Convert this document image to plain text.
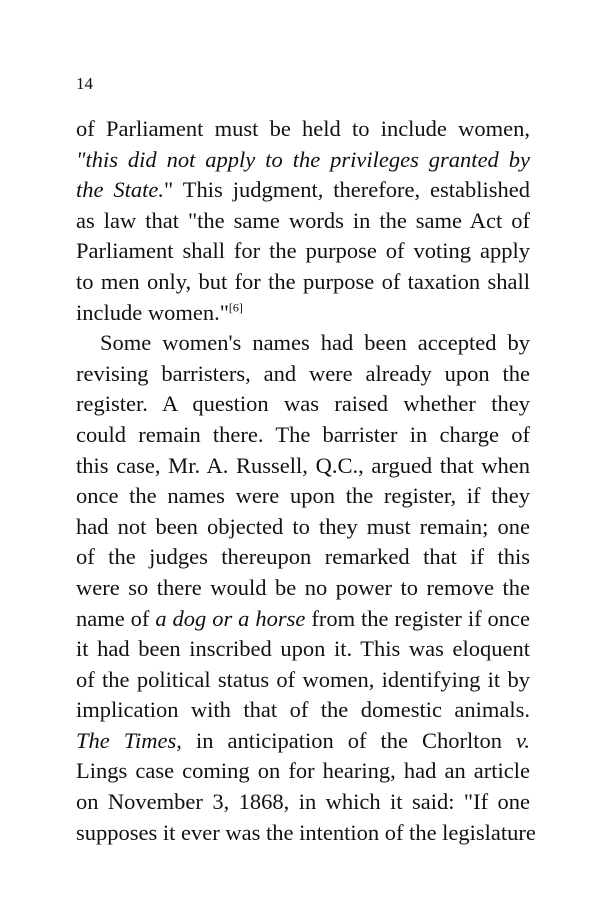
14
of Parliament must be held to include women,
"this did not apply to the privileges granted by
the State." This judgment, therefore, established
as law that "the same words in the same Act of
Parliament shall for the purpose of voting apply
to men only, but for the purpose of taxation shall
include women."[6]
Some women's names had been accepted by
revising barristers, and were already upon the
register. A question was raised whether they
could remain there. The barrister in charge of
this case, Mr. A. Russell, Q.C., argued that when
once the names were upon the register, if they
had not been objected to they must remain; one
of the judges thereupon remarked that if this
were so there would be no power to remove the
name of a dog or a horse from the register if once
it had been inscribed upon it. This was eloquent
of the political status of women, identifying it by
implication with that of the domestic animals.
The Times, in anticipation of the Chorlton v.
Lings case coming on for hearing, had an article
on November 3, 1868, in which it said: "If one
supposes it ever was the intention of the legislature
